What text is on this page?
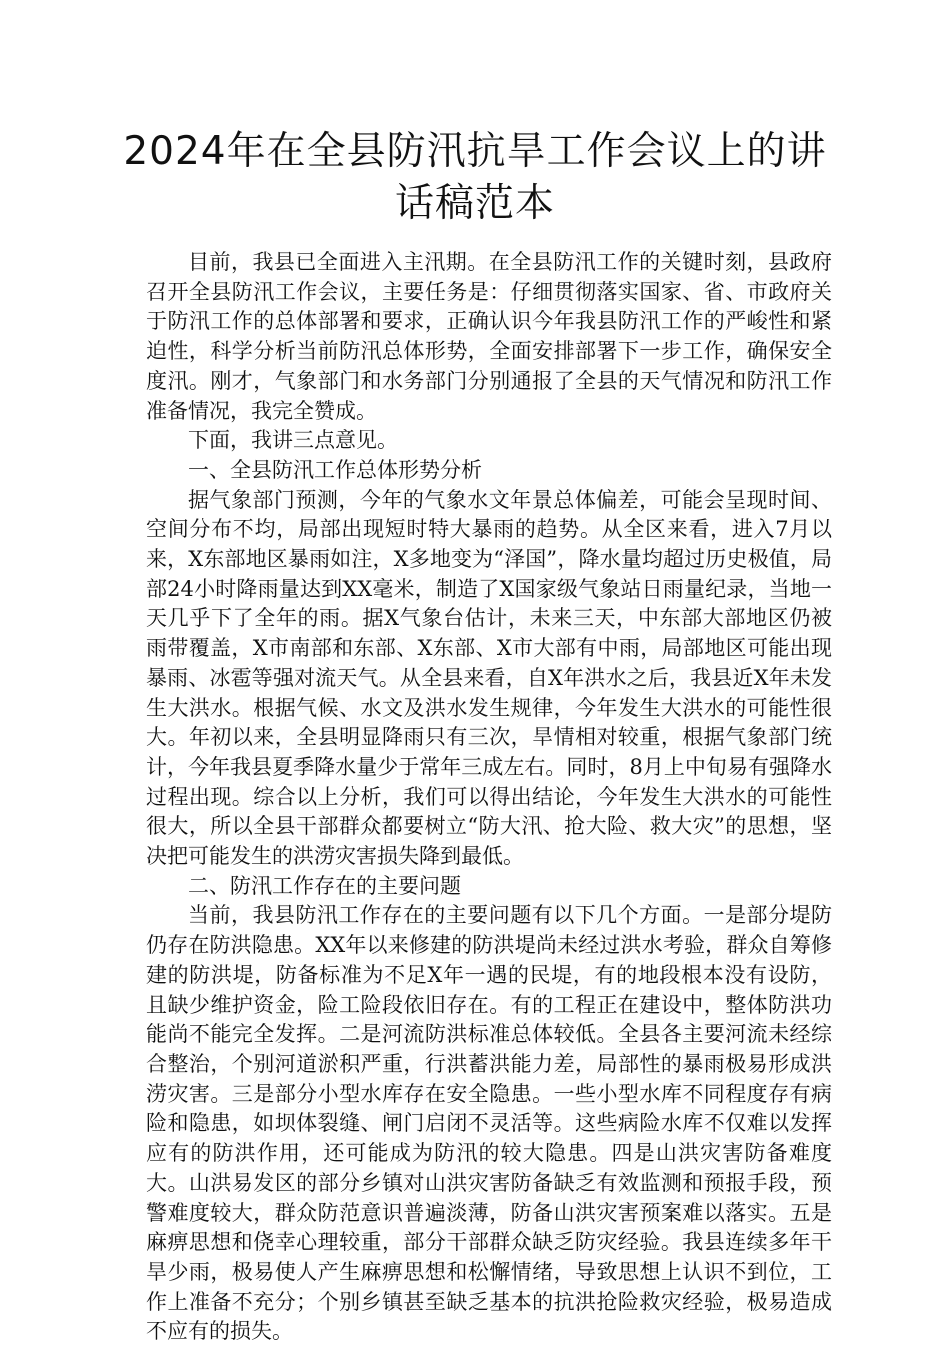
2024年在全县防汛抗旱工作会议上的讲
话稿范本

目前，我县已全面进入主汛期。在全县防汛工作的关键时刻，县政府召开全县防汛工作会议，主要任务是：仔细贯彻落实国家、省、市政府关于防汛工作的总体部署和要求，正确认识今年我县防汛工作的严峻性和紧迫性，科学分析当前防汛总体形势，全面安排部署下一步工作，确保安全度汛。刚才，气象部门和水务部门分别通报了全县的天气情况和防汛工作准备情况，我完全赞成。

下面，我讲三点意见。

一、全县防汛工作总体形势分析

据气象部门预测，今年的气象水文年景总体偏差，可能会呈现时间、空间分布不均，局部出现短时特大暴雨的趋势。从全区来看，进入7月以来，X东部地区暴雨如注，X多地变为“泽国”，降水量均超过历史极值，局部24小时降雨量达到XX毫米，制造了X国家级气象站日雨量纪录，当地一天几乎下了全年的雨。据X气象台估计，未来三天，中东部大部地区仍被雨带覆盖，X市南部和东部、X东部、X市大部有中雨，局部地区可能出现暴雨、冰雹等强对流天气。从全县来看，自X年洪水之后，我县近X年未发生大洪水。根据气候、水文及洪水发生规律，今年发生大洪水的可能性很大。年初以来，全县明显降雨只有三次，旱情相对较重，根据气象部门统计，今年我县夏季降水量少于常年三成左右。同时，8月上中旬易有强降水过程出现。综合以上分析，我们可以得出结论，今年发生大洪水的可能性很大，所以全县干部群众都要树立“防大汛、抢大险、救大灾”的思想，坚决把可能发生的洪涝灾害损失降到最低。

二、防汛工作存在的主要问题

当前，我县防汛工作存在的主要问题有以下几个方面。一是部分堤防仍存在防洪隐患。XX年以来修建的防洪堤尚未经过洪水考验，群众自筹修建的防洪堤，防备标准为不足X年一遇的民堤，有的地段根本没有设防，且缺少维护资金，险工险段依旧存在。有的工程正在建设中，整体防洪功能尚不能完全发挥。二是河流防洪标准总体较低。全县各主要河流未经综合整治，个别河道淤积严重，行洪蓄洪能力差，局部性的暴雨极易形成洪涝灾害。三是部分小型水库存在安全隐患。一些小型水库不同程度存有病险和隐患，如坝体裂缝、闸门启闭不灵活等。这些病险水库不仅难以发挥应有的防洪作用，还可能成为防汛的较大隐患。四是山洪灾害防备难度大。山洪易发区的部分乡镇对山洪灾害防备缺乏有效监测和预报手段，预警难度较大，群众防范意识普遍淡薄，防备山洪灾害预案难以落实。五是麻痹思想和侥幸心理较重，部分干部群众缺乏防灾经验。我县连续多年干旱少雨，极易使人产生麻痹思想和松懈情绪，导致思想上认识不到位，工作上准备不充分；个别乡镇甚至缺乏基本的抗洪抢险救灾经验，极易造成不应有的损失。
